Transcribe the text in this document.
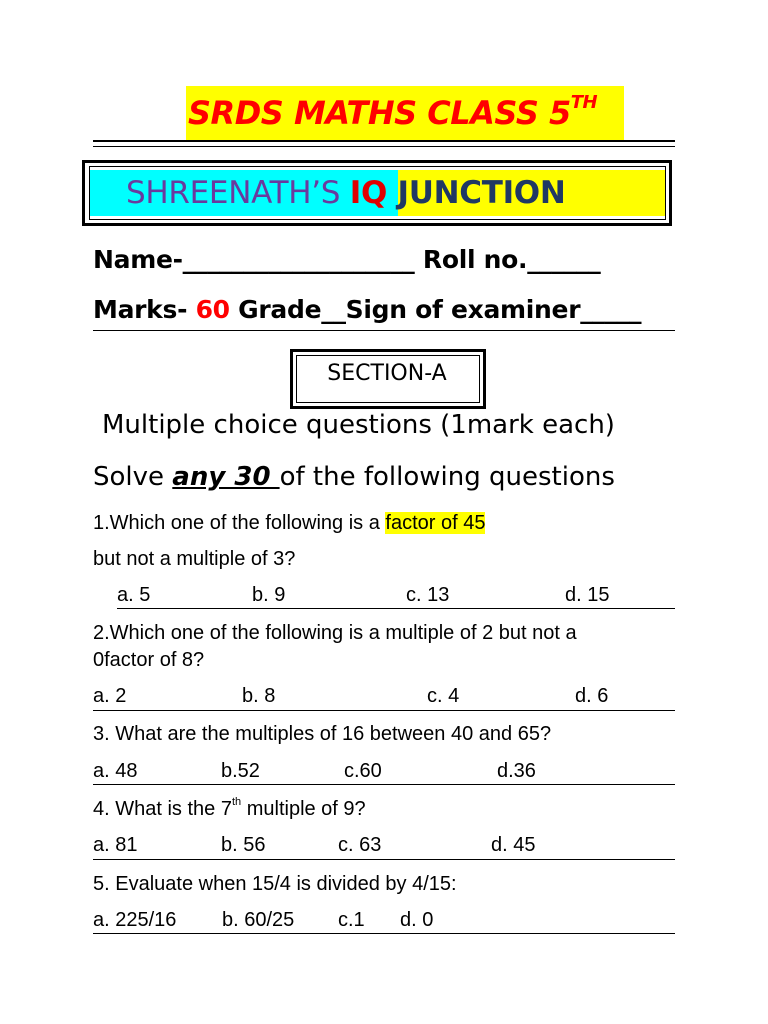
SRDS MATHS CLASS 5TH
SHREENATH’S IQ JUNCTION
Name-___________________ Roll no.______
Marks- 60 Grade__Sign of examiner_____
SECTION-A
Multiple choice questions (1mark each)
Solve any 30 of the following questions
1.Which one of the following is a factor of 45
but not a multiple of 3?
a. 5	b. 9	c. 13	d. 15
2.Which one of the following is a multiple of 2 but not a
0factor of 8?
a. 2	b. 8	c. 4	d. 6
3. What are the multiples of 16 between 40 and 65?
a. 48	b.52	c.60	d.36
4. What is the 7th multiple of 9?
a. 81	b. 56	c. 63	d. 45
5. Evaluate when 15/4 is divided by 4/15:
a. 225/16 b. 60/25 c.1 d. 0
